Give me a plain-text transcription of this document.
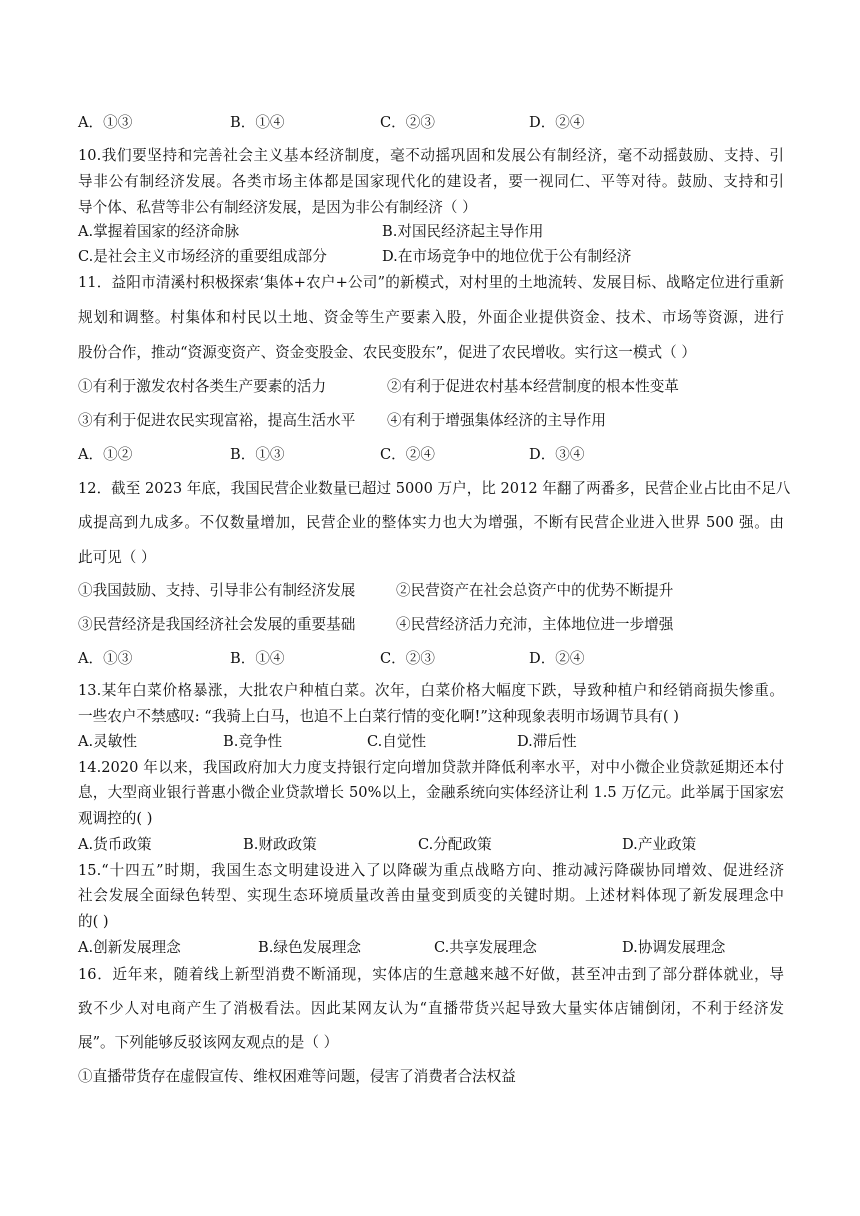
A．①③	B．①④	C．②③	D．②④
10.我们要坚持和完善社会主义基本经济制度，毫不动摇巩固和发展公有制经济，毫不动摇鼓励、支持、引
导非公有制经济发展。各类市场主体都是国家现代化的建设者，要一视同仁、平等对待。鼓励、支持和引
导个体、私营等非公有制经济发展，是因为非公有制经济（ ）
A.掌握着国家的经济命脉	B.对国民经济起主导作用
C.是社会主义市场经济的重要组成部分	D.在市场竞争中的地位优于公有制经济
11．益阳市清溪村积极探索‘集体+农户+公司”的新模式，对村里的土地流转、发展目标、战略定位进行重新
规划和调整。村集体和村民以土地、资金等生产要素入股，外面企业提供资金、技术、市场等资源，进行
股份合作，推动“资源变资产、资金变股金、农民变股东”，促进了农民增收。实行这一模式（ ）
①有利于激发农村各类生产要素的活力	②有利于促进农村基本经营制度的根本性变革
③有利于促进农民实现富裕，提高生活水平 ④有利于增强集体经济的主导作用
A．①②	B．①③	C．②④	D．③④
12．截至 2023 年底，我国民营企业数量已超过 5000 万户，比 2012 年翻了两番多，民营企业占比由不足八
成提高到九成多。不仅数量增加，民营企业的整体实力也大为增强，不断有民营企业进入世界 500 强。由
此可见（ ）
①我国鼓励、支持、引导非公有制经济发展	②民营资产在社会总资产中的优势不断提升
③民营经济是我国经济社会发展的重要基础	④民营经济活力充沛，主体地位进一步增强
A．①③	B．①④	C．②③	D．②④
13.某年白菜价格暴涨，大批农户种植白菜。次年，白菜价格大幅度下跌，导致种植户和经销商损失惨重。
一些农户不禁感叹: “我骑上白马，也追不上白菜行情的变化啊!”这种现象表明市场调节具有( )
A.灵敏性	B.竞争性	C.自觉性	D.滞后性
14.2020 年以来，我国政府加大力度支持银行定向增加贷款并降低利率水平，对中小微企业贷款延期还本付
息，大型商业银行普惠小微企业贷款增长 50%以上，金融系统向实体经济让利 1.5 万亿元。此举属于国家宏
观调控的( )
A.货币政策	B.财政政策	C.分配政策	D.产业政策
15.“十四五”时期，我国生态文明建设进入了以降碳为重点战略方向、推动减污降碳协同增效、促进经济
社会发展全面绿色转型、实现生态环境质量改善由量变到质变的关键时期。上述材料体现了新发展理念中
的( )
A.创新发展理念	B.绿色发展理念	C.共享发展理念	D.协调发展理念
16．近年来，随着线上新型消费不断涌现，实体店的生意越来越不好做，甚至冲击到了部分群体就业，导
致不少人对电商产生了消极看法。因此某网友认为“直播带货兴起导致大量实体店铺倒闭，不利于经济发
展”。下列能够反驳该网友观点的是（ ）
①直播带货存在虚假宣传、维权困难等问题，侵害了消费者合法权益
